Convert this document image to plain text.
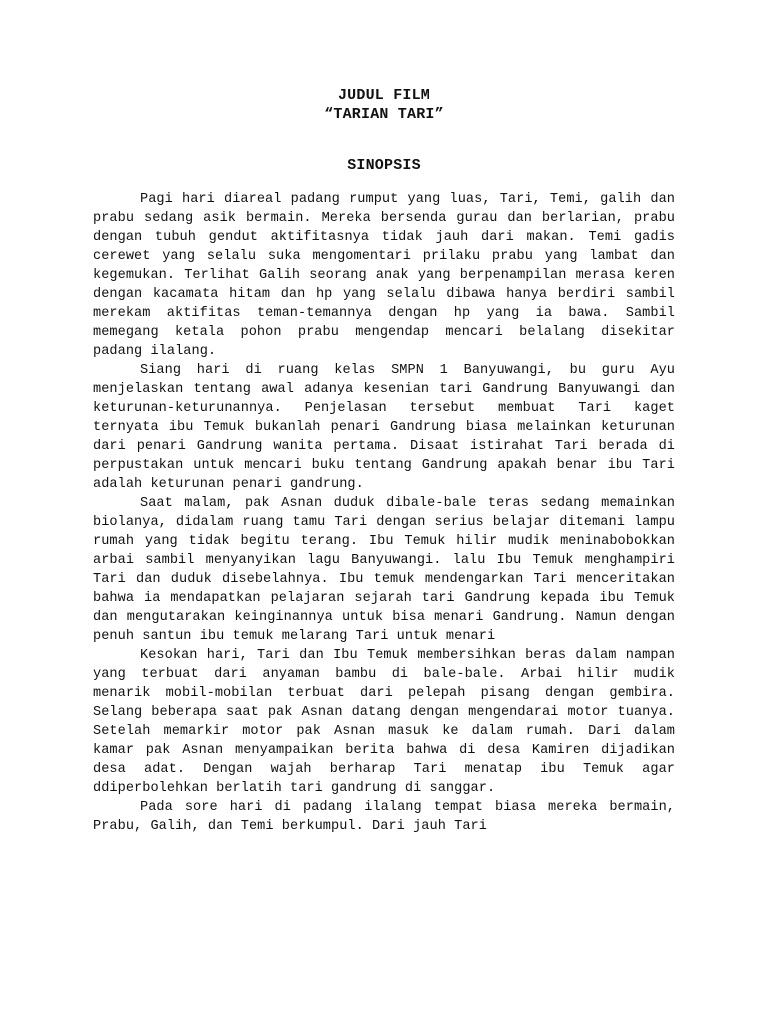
JUDUL FILM
“TARIAN TARI”
SINOPSIS

Pagi hari diareal padang rumput yang luas, Tari, Temi, galih dan prabu sedang asik bermain. Mereka bersenda gurau dan berlarian, prabu dengan tubuh gendut aktifitasnya tidak jauh dari makan. Temi gadis cerewet yang selalu suka mengomentari prilaku prabu yang lambat dan kegemukan. Terlihat Galih seorang anak yang berpenampilan merasa keren dengan kacamata hitam dan hp yang selalu dibawa hanya berdiri sambil merekam aktifitas teman-temannya dengan hp yang ia bawa. Sambil memegang ketala pohon prabu mengendap mencari belalang disekitar padang ilalang.

Siang hari di ruang kelas SMPN 1 Banyuwangi, bu guru Ayu menjelaskan tentang awal adanya kesenian tari Gandrung Banyuwangi dan keturunan-keturunannya. Penjelasan tersebut membuat Tari kaget ternyata ibu Temuk bukanlah penari Gandrung biasa melainkan keturunan dari penari Gandrung wanita pertama. Disaat istirahat Tari berada di perpustakan untuk mencari buku tentang Gandrung apakah benar ibu Tari adalah keturunan penari gandrung.

Saat malam, pak Asnan duduk dibale-bale teras sedang memainkan biolanya, didalam ruang tamu Tari dengan serius belajar ditemani lampu rumah yang tidak begitu terang. Ibu Temuk hilir mudik meninabobokkan arbai sambil menyanyikan lagu Banyuwangi. lalu Ibu Temuk menghampiri Tari dan duduk disebelahnya. Ibu temuk mendengarkan Tari menceritakan bahwa ia mendapatkan pelajaran sejarah tari Gandrung kepada ibu Temuk dan mengutarakan keinginannya untuk bisa menari Gandrung. Namun dengan penuh santun ibu temuk melarang Tari untuk menari

Kesokan hari, Tari dan Ibu Temuk membersihkan beras dalam nampan yang terbuat dari anyaman bambu di bale-bale. Arbai hilir mudik menarik mobil-mobilan terbuat dari pelepah pisang dengan gembira. Selang beberapa saat pak Asnan datang dengan mengendarai motor tuanya. Setelah memarkir motor pak Asnan masuk ke dalam rumah. Dari dalam kamar pak Asnan menyampaikan berita bahwa di desa Kamiren dijadikan desa adat. Dengan wajah berharap Tari menatap ibu Temuk agar ddiperbolehkan berlatih tari gandrung di sanggar.

Pada sore hari di padang ilalang tempat biasa mereka bermain, Prabu, Galih, dan Temi berkumpul. Dari jauh Tari
